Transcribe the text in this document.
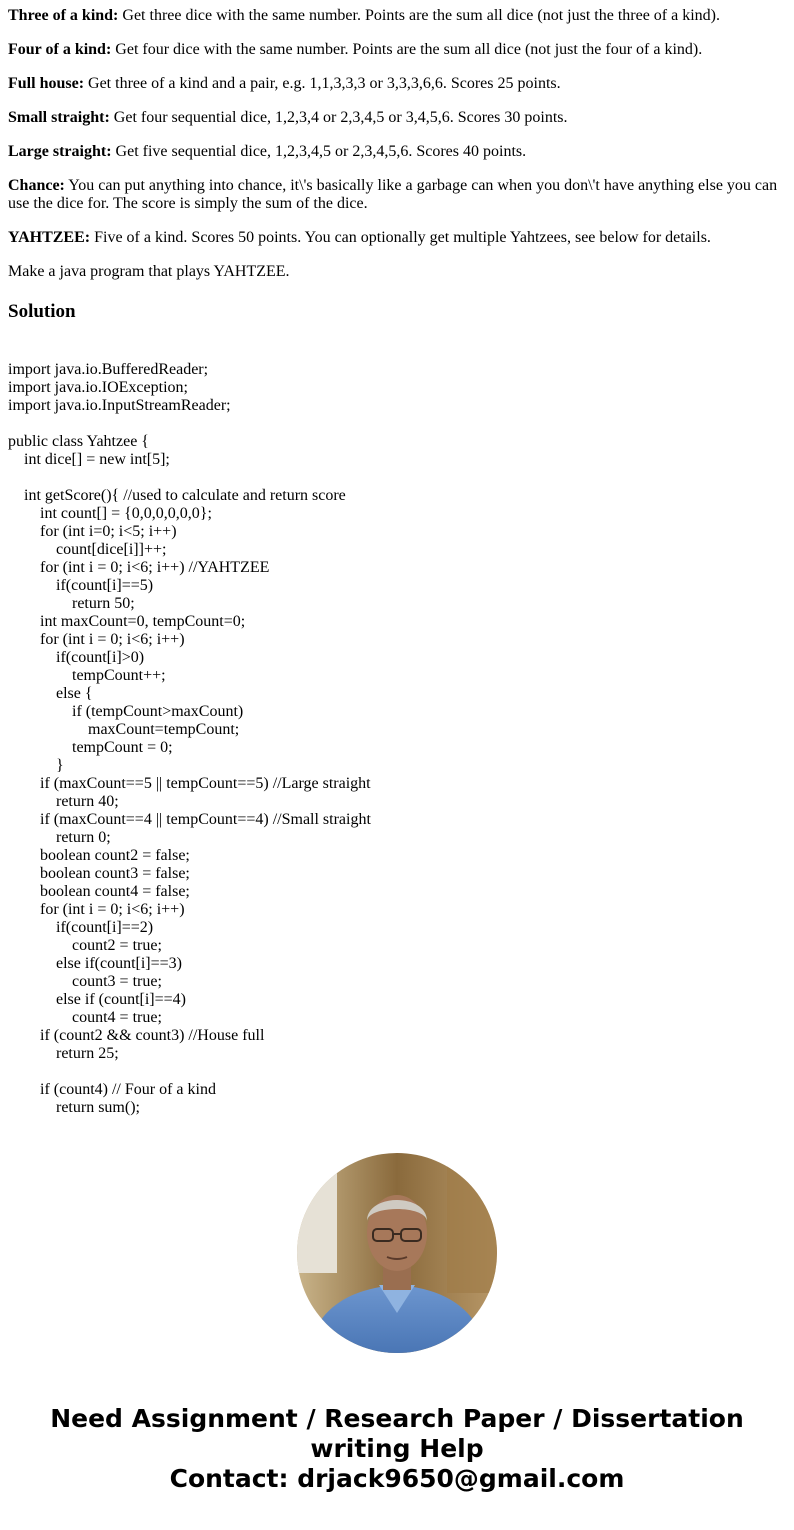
Three of a kind: Get three dice with the same number. Points are the sum all dice (not just the three of a kind).
Four of a kind: Get four dice with the same number. Points are the sum all dice (not just the four of a kind).
Full house: Get three of a kind and a pair, e.g. 1,1,3,3,3 or 3,3,3,6,6. Scores 25 points.
Small straight: Get four sequential dice, 1,2,3,4 or 2,3,4,5 or 3,4,5,6. Scores 30 points.
Large straight: Get five sequential dice, 1,2,3,4,5 or 2,3,4,5,6. Scores 40 points.
Chance: You can put anything into chance, it\'s basically like a garbage can when you don\'t have anything else you can use the dice for. The score is simply the sum of the dice.
YAHTZEE: Five of a kind. Scores 50 points. You can optionally get multiple Yahtzees, see below for details.
Make a java program that plays YAHTZEE.
Solution
import java.io.BufferedReader;
import java.io.IOException;
import java.io.InputStreamReader;
public class Yahtzee {
int dice[] = new int[5];
int getScore(){ //used to calculate and return score
int count[] = {0,0,0,0,0,0};
for (int i=0; i<5; i++)
count[dice[i]]++;
for (int i = 0; i<6; i++) //YAHTZEE
if(count[i]==5)
return 50;
int maxCount=0, tempCount=0;
for (int i = 0; i<6; i++)
if(count[i]>0)
tempCount++;
else {
if (tempCount>maxCount)
maxCount=tempCount;
tempCount = 0;
}
if (maxCount==5 || tempCount==5) //Large straight
return 40;
if (maxCount==4 || tempCount==4) //Small straight
return 0;
boolean count2 = false;
boolean count3 = false;
boolean count4 = false;
for (int i = 0; i<6; i++)
if(count[i]==2)
count2 = true;
else if(count[i]==3)
count3 = true;
else if (count[i]==4)
count4 = true;
if (count2 && count3) //House full
return 25;
if (count4) // Four of a kind
return sum();
Need Assignment / Research Paper / Dissertation
writing Help
Contact: drjack9650@gmail.com
